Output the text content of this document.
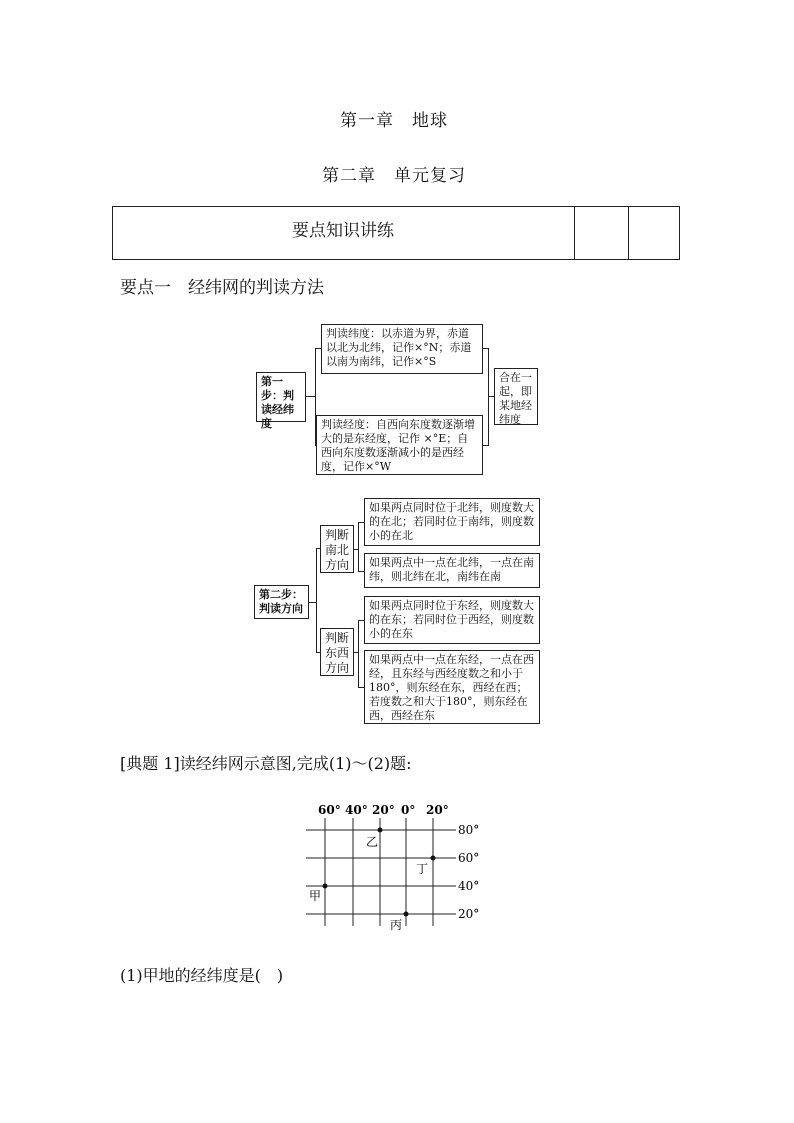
第一章　地球
第二章　单元复习
要点知识讲练
要点一　经纬网的判读方法
第一步：判读经纬度
判读纬度：以赤道为界，赤道以北为北纬，记作×°N；赤道以南为南纬，记作×°S
判读经度：自西向东度数逐渐增大的是东经度，记作 ×°E；自西向东度数逐渐减小的是西经度，记作×°W
合在一起，即某地经纬度
第二步：判读方向
判断南北方向
判断东西方向
如果两点同时位于北纬，则度数大的在北；若同时位于南纬，则度数小的在北
如果两点中一点在北纬，一点在南纬，则北纬在北，南纬在南
如果两点同时位于东经，则度数大的在东；若同时位于西经，则度数小的在东
如果两点中一点在东经，一点在西经，且东经与西经度数之和小于180°，则东经在东，西经在西；若度数之和大于180°，则东经在西，西经在东
[典题 1]读经纬网示意图,完成(1)～(2)题:
60° 40° 20° 0° 20°
80°
60°
40°
20°
乙
丁
甲
丙
(1)甲地的经纬度是(　)
